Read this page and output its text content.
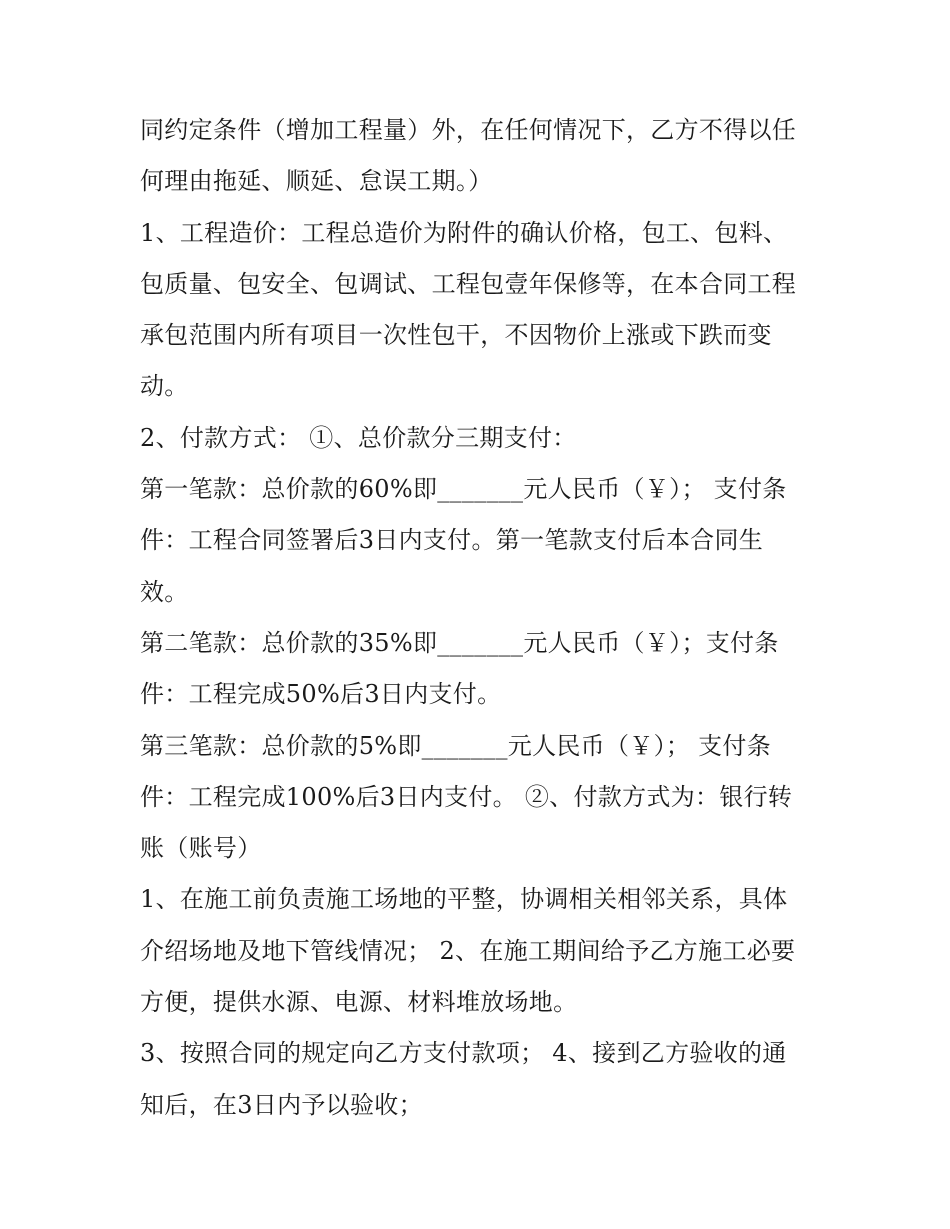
同约定条件（增加工程量）外，在任何情况下，乙方不得以任
何理由拖延、顺延、怠误工期。）
1、工程造价：工程总造价为附件的确认价格，包工、包料、
包质量、包安全、包调试、工程包壹年保修等，在本合同工程
承包范围内所有项目一次性包干，不因物价上涨或下跌而变
动。
2、付款方式： ①、总价款分三期支付：
第一笔款：总价款的60%即_______元人民币（￥）； 支付条
件：工程合同签署后3日内支付。第一笔款支付后本合同生
效。
第二笔款：总价款的35%即_______元人民币（￥）；支付条
件：工程完成50%后3日内支付。
第三笔款：总价款的5%即_______元人民币（￥）； 支付条
件：工程完成100%后3日内支付。 ②、付款方式为：银行转
账（账号）
1、在施工前负责施工场地的平整，协调相关相邻关系，具体
介绍场地及地下管线情况； 2、在施工期间给予乙方施工必要
方便，提供水源、电源、材料堆放场地。
3、按照合同的规定向乙方支付款项； 4、接到乙方验收的通
知后，在3日内予以验收；
